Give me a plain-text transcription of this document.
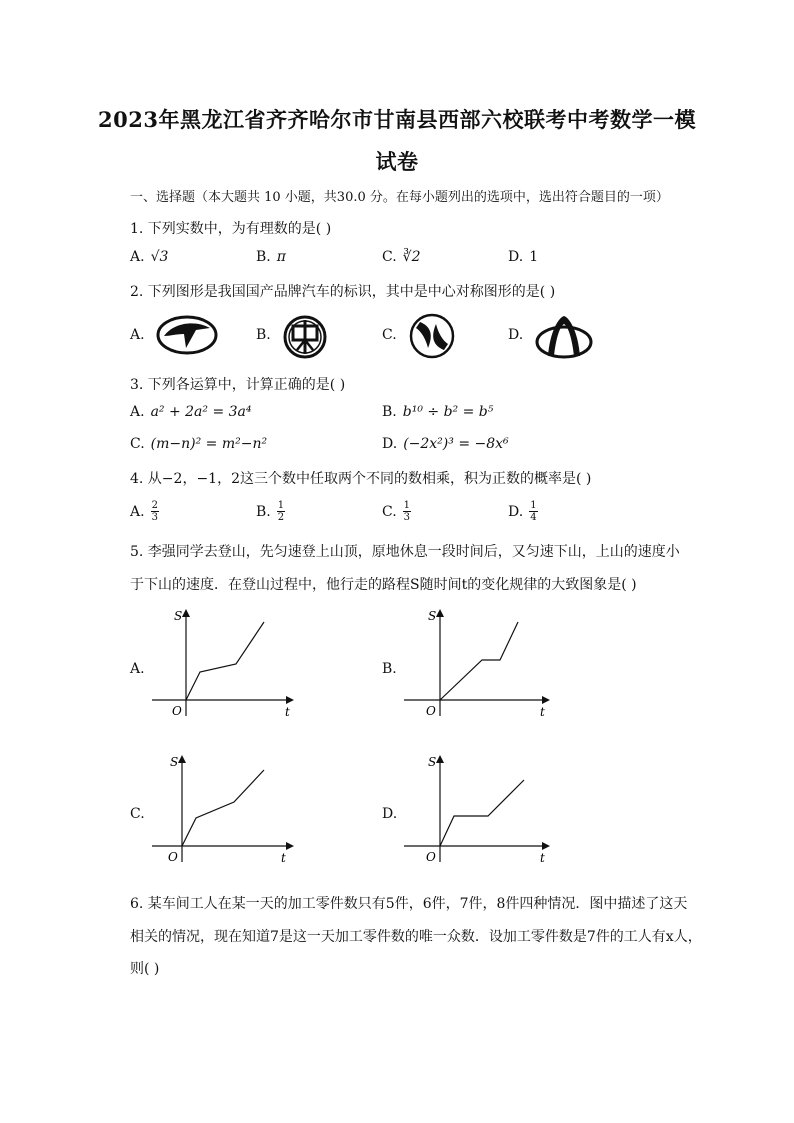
2023年黑龙江省齐齐哈尔市甘南县西部六校联考中考数学一模
试卷
一、选择题（本大题共 10 小题，共30.0 分。在每小题列出的选项中，选出符合题目的一项）
1. 下列实数中，为有理数的是( )
A. √3	B. π	C. ∛2	D. 1
2. 下列图形是我国国产品牌汽车的标识，其中是中心对称图形的是( )
A.	B.	C.	D.
3. 下列各运算中，计算正确的是( )
A. a² + 2a² = 3a⁴	B. b¹⁰ ÷ b² = b⁵
C. (m−n)² = m²−n²	D. (−2x²)³ = −8x⁶
4. 从−2，−1，2这三个数中任取两个不同的数相乘，积为正数的概率是( )
A. $\frac{2}{3}$	B. $\frac{1}{2}$	C. $\frac{1}{3}$	D. $\frac{1}{4}$
5. 李强同学去登山，先匀速登上山顶，原地休息一段时间后，又匀速下山，上山的速度小
于下山的速度．在登山过程中，他行走的路程S随时间t的变化规律的大致图象是( )
A.	B.
C.	D.
S
O	t
S
O	t
S
O	t
S
O	t
6. 某车间工人在某一天的加工零件数只有5件，6件，7件，8件四种情况．图中描述了这天
相关的情况，现在知道7是这一天加工零件数的唯一众数．设加工零件数是7件的工人有x人，
则( )
